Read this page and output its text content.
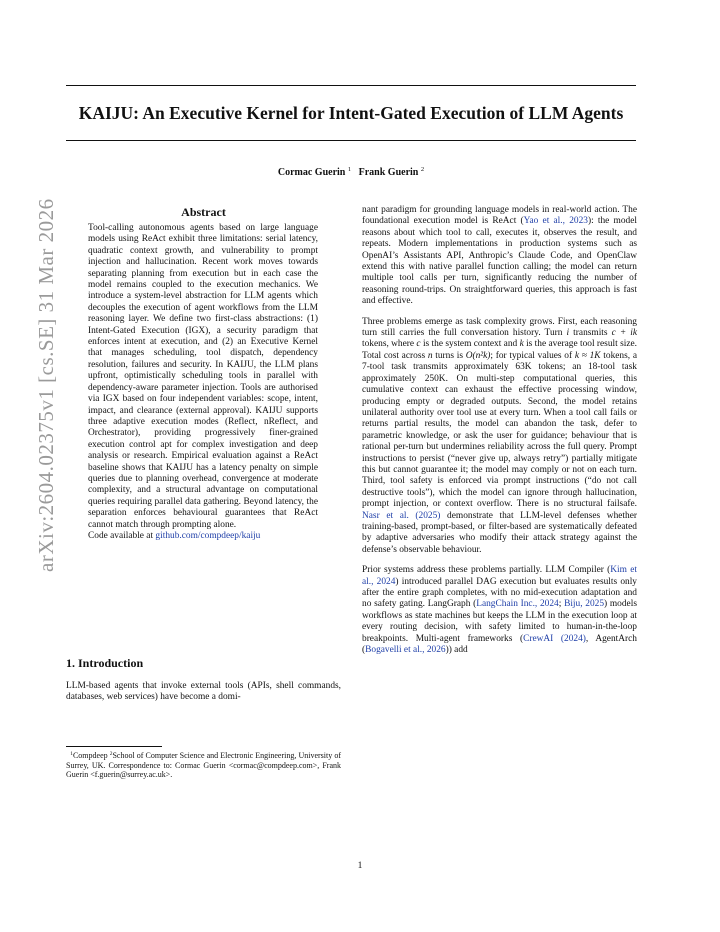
arXiv:2604.02375v1 [cs.SE] 31 Mar 2026
KAIJU: An Executive Kernel for Intent-Gated Execution of LLM Agents
Cormac Guerin $^1$ Frank Guerin $^2$
Abstract

Tool-calling autonomous agents based on large language models using ReAct exhibit three limitations: serial latency, quadratic context growth, and vulnerability to prompt injection and hallucination. Recent work moves towards separating planning from execution but in each case the model remains coupled to the execution mechanics. We introduce a system-level abstraction for LLM agents which decouples the execution of agent workflows from the LLM reasoning layer. We define two first-class abstractions: (1) Intent-Gated Execution (IGX), a security paradigm that enforces intent at execution, and (2) an Executive Kernel that manages scheduling, tool dispatch, dependency resolution, failures and security. In KAIJU, the LLM plans upfront, optimistically scheduling tools in parallel with dependency-aware parameter injection. Tools are authorised via IGX based on four independent variables: scope, intent, impact, and clearance (external approval). KAIJU supports three adaptive execution modes (Reflect, nReflect, and Orchestrator), providing progressively finer-grained execution control apt for complex investigation and deep analysis or research. Empirical evaluation against a ReAct baseline shows that KAIJU has a latency penalty on simple queries due to planning overhead, convergence at moderate complexity, and a structural advantage on computational queries requiring parallel data gathering. Beyond latency, the separation enforces behavioural guarantees that ReAct cannot match through prompting alone.

Code available at github.com/compdeep/kaiju

1. Introduction

LLM-based agents that invoke external tools (APIs, shell commands, databases, web services) have become a domi-

$^1$Compdeep $^2$School of Computer Science and Electronic Engineering, University of Surrey, UK. Correspondence to: Cormac Guerin <cormac@compdeep.com>, Frank Guerin <f.guerin@surrey.ac.uk>.

nant paradigm for grounding language models in real-world action. The foundational execution model is ReAct (Yao et al., 2023): the model reasons about which tool to call, executes it, observes the result, and repeats. Modern implementations in production systems such as OpenAI’s Assistants API, Anthropic’s Claude Code, and OpenClaw extend this with native parallel function calling; the model can return multiple tool calls per turn, significantly reducing the number of reasoning round-trips. On straightforward queries, this approach is fast and effective.

Three problems emerge as task complexity grows. First, each reasoning turn still carries the full conversation history. Turn i transmits c + ik tokens, where c is the system context and k is the average tool result size. Total cost across n turns is O(n²k); for typical values of k ≈ 1K tokens, a 7-tool task transmits approximately 63K tokens; an 18-tool task approximately 250K. On multi-step computational queries, this cumulative context can exhaust the effective processing window, producing empty or degraded outputs. Second, the model retains unilateral authority over tool use at every turn. When a tool call fails or returns partial results, the model can abandon the task, defer to parametric knowledge, or ask the user for guidance; behaviour that is rational per-turn but undermines reliability across the full query. Prompt instructions to persist (“never give up, always retry”) partially mitigate this but cannot guarantee it; the model may comply or not on each turn. Third, tool safety is enforced via prompt instructions (“do not call destructive tools”), which the model can ignore through hallucination, prompt injection, or context overflow. There is no structural failsafe. Nasr et al. (2025) demonstrate that LLM-level defenses whether training-based, prompt-based, or filter-based are systematically defeated by adaptive adversaries who modify their attack strategy against the defense’s observable behaviour.

Prior systems address these problems partially. LLM Compiler (Kim et al., 2024) introduced parallel DAG execution but evaluates results only after the entire graph completes, with no mid-execution adaptation and no safety gating. LangGraph (LangChain Inc., 2024; Biju, 2025) models workflows as state machines but keeps the LLM in the execution loop at every routing decision, with safety limited to human-in-the-loop breakpoints. Multi-agent frameworks (CrewAI (2024), AgentArch (Bogavelli et al., 2026)) add

1
